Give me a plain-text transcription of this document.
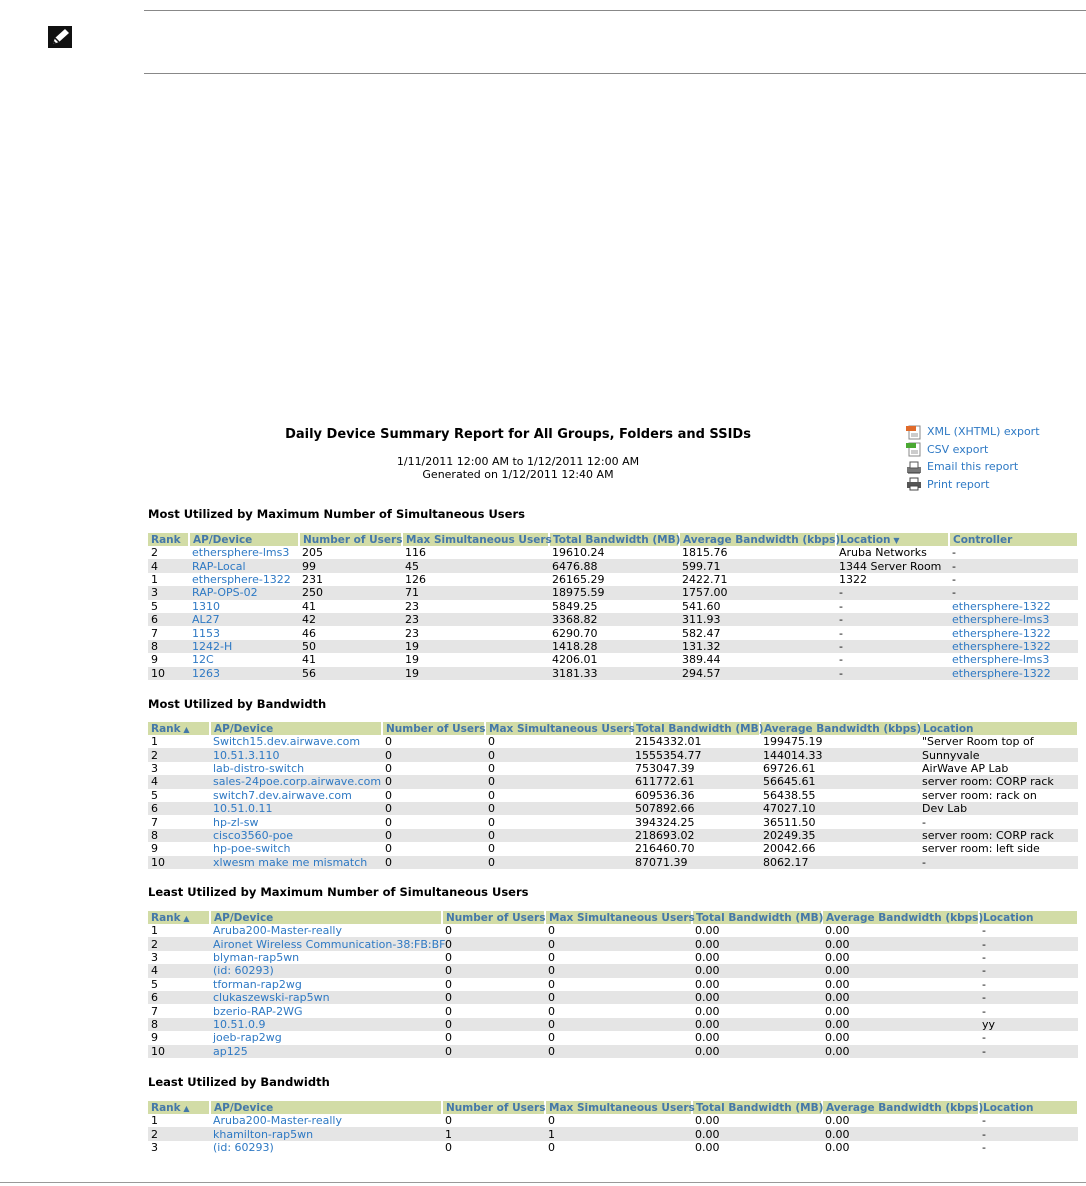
Daily Device Summary Report for All Groups, Folders and SSIDs
1/11/2011 12:00 AM to 1/12/2011 12:00 AM
Generated on 1/12/2011 12:40 AM
XML (XHTML) export
CSV export
Email this report
Print report
Most Utilized by Maximum Number of Simultaneous Users
Rank	AP/Device	Number of Users	Max Simultaneous Users	Total Bandwidth (MB)	Average Bandwidth (kbps)	Location ▼	Controller
2	ethersphere-lms3	205	116	19610.24	1815.76	Aruba Networks	-
4	RAP-Local	99	45	6476.88	599.71	1344 Server Room	-
1	ethersphere-1322	231	126	26165.29	2422.71	1322	-
3	RAP-OPS-02	250	71	18975.59	1757.00	-	-
5	1310	41	23	5849.25	541.60	-	ethersphere-1322
6	AL27	42	23	3368.82	311.93	-	ethersphere-lms3
7	1153	46	23	6290.70	582.47	-	ethersphere-1322
8	1242-H	50	19	1418.28	131.32	-	ethersphere-1322
9	12C	41	19	4206.01	389.44	-	ethersphere-lms3
10	1263	56	19	3181.33	294.57	-	ethersphere-1322
Most Utilized by Bandwidth
Rank ▲	AP/Device	Number of Users	Max Simultaneous Users	Total Bandwidth (MB)	Average Bandwidth (kbps)	Location
1	Switch15.dev.airwave.com	0	0	2154332.01	199475.19	"Server Room top of
2	10.51.3.110	0	0	1555354.77	144014.33	Sunnyvale
3	lab-distro-switch	0	0	753047.39	69726.61	AirWave AP Lab
4	sales-24poe.corp.airwave.com	0	0	611772.61	56645.61	server room: CORP rack
5	switch7.dev.airwave.com	0	0	609536.36	56438.55	server room: rack on
6	10.51.0.11	0	0	507892.66	47027.10	Dev Lab
7	hp-zl-sw	0	0	394324.25	36511.50	-
8	cisco3560-poe	0	0	218693.02	20249.35	server room: CORP rack
9	hp-poe-switch	0	0	216460.70	20042.66	server room: left side
10	xlwesm make me mismatch	0	0	87071.39	8062.17	-
Least Utilized by Maximum Number of Simultaneous Users
Rank ▲	AP/Device	Number of Users	Max Simultaneous Users	Total Bandwidth (MB)	Average Bandwidth (kbps)	Location
1	Aruba200-Master-really	0	0	0.00	0.00	-
2	Aironet Wireless Communication-38:FB:BF	0	0	0.00	0.00	-
3	blyman-rap5wn	0	0	0.00	0.00	-
4	(id: 60293)	0	0	0.00	0.00	-
5	tforman-rap2wg	0	0	0.00	0.00	-
6	clukaszewski-rap5wn	0	0	0.00	0.00	-
7	bzerio-RAP-2WG	0	0	0.00	0.00	-
8	10.51.0.9	0	0	0.00	0.00	yy
9	joeb-rap2wg	0	0	0.00	0.00	-
10	ap125	0	0	0.00	0.00	-
Least Utilized by Bandwidth
Rank ▲	AP/Device	Number of Users	Max Simultaneous Users	Total Bandwidth (MB)	Average Bandwidth (kbps)	Location
1	Aruba200-Master-really	0	0	0.00	0.00	-
2	khamilton-rap5wn	1	1	0.00	0.00	-
3	(id: 60293)	0	0	0.00	0.00	-
